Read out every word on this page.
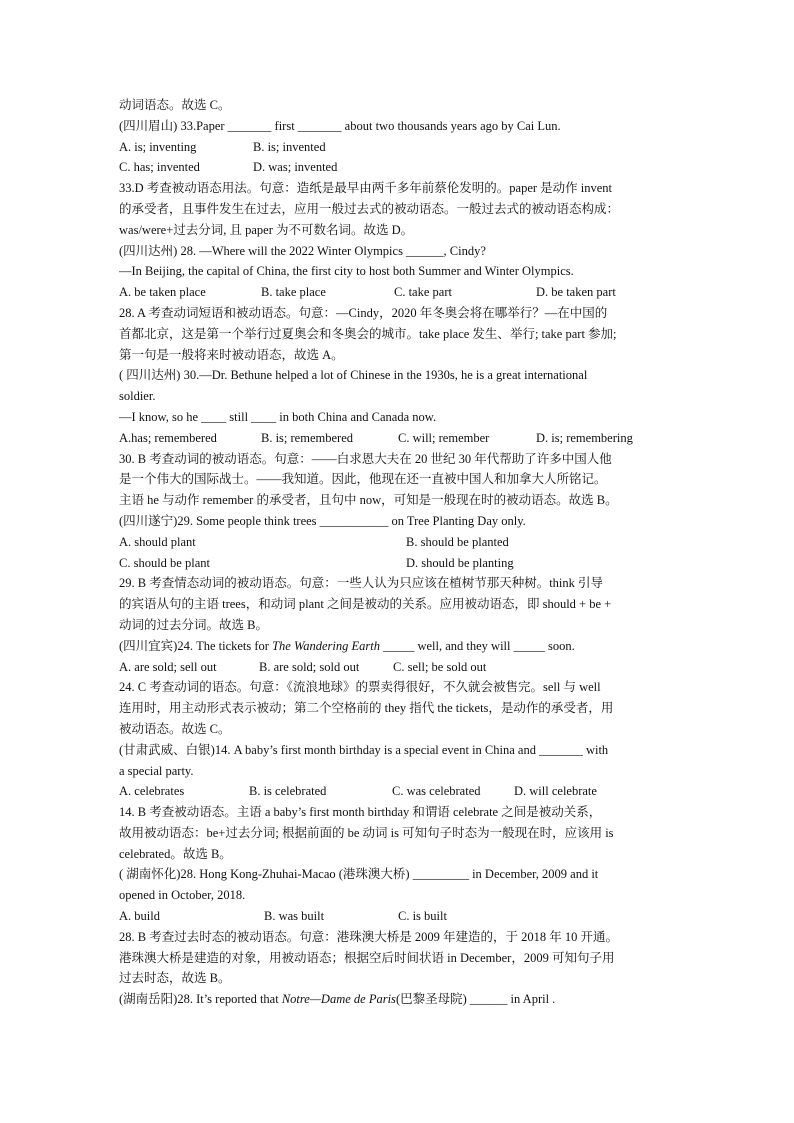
动词语态。故选 C。
(四川眉山) 33.Paper _______ first _______ about two thousands years ago by Cai Lun.
A. is; inventing	B. is; invented
C. has; invented	D. was; invented
33.D 考查被动语态用法。句意：造纸是最早由两千多年前蔡伦发明的。paper 是动作 invent
的承受者，且事件发生在过去，应用一般过去式的被动语态。一般过去式的被动语态构成：
was/were+过去分词, 且 paper 为不可数名词。故选 D。
(四川达州) 28. —Where will the 2022 Winter Olympics ______, Cindy?
—In Beijing, the capital of China, the first city to host both Summer and Winter Olympics.
A. be taken place	B. take place	C. take part	D. be taken part
28. A 考查动词短语和被动语态。句意：—Cindy，2020 年冬奥会将在哪举行？—在中国的
首都北京，这是第一个举行过夏奥会和冬奥会的城市。take place 发生、举行; take part 参加;
第一句是一般将来时被动语态，故选 A。
( 四川达州) 30.—Dr. Bethune helped a lot of Chinese in the 1930s, he is a great international
soldier.
—I know, so he ____ still ____ in both China and Canada now.
A.has; remembered	B. is; remembered	C. will; remember	D. is; remembering
30. B 考查动词的被动语态。句意：——白求恩大夫在 20 世纪 30 年代帮助了许多中国人他
是一个伟大的国际战士。——我知道。因此，他现在还一直被中国人和加拿大人所铭记。
主语 he 与动作 remember 的承受者，且句中 now，可知是一般现在时的被动语态。故选 B。
(四川遂宁)29. Some people think trees ___________ on Tree Planting Day only.
A. should plant	B. should be planted
C. should be plant	D. should be planting
29. B 考查情态动词的被动语态。句意：一些人认为只应该在植树节那天种树。think 引导
的宾语从句的主语 trees，和动词 plant 之间是被动的关系。应用被动语态，即 should + be +
动词的过去分词。故选 B。
(四川宜宾)24. The tickets for The Wandering Earth _____ well, and they will _____ soon.
A. are sold; sell out	B. are sold; sold out	C. sell; be sold out
24. C 考查动词的语态。句意：《流浪地球》的票卖得很好，不久就会被售完。sell 与 well
连用时，用主动形式表示被动；第二个空格前的 they 指代 the tickets，是动作的承受者，用
被动语态。故选 C。
(甘肃武威、白银)14. A baby’s first month birthday is a special event in China and _______ with
a special party.
A. celebrates	B. is celebrated	C. was celebrated	D. will celebrate
14. B 考查被动语态。主语 a baby’s first month birthday 和谓语 celebrate 之间是被动关系，
故用被动语态：be+过去分词; 根据前面的 be 动词 is 可知句子时态为一般现在时，应该用 is
celebrated。故选 B。
( 湖南怀化)28. Hong Kong-Zhuhai-Macao (港珠澳大桥) _________ in December, 2009 and it
opened in October, 2018.
A. build	B. was built	C. is built
28. B 考查过去时态的被动语态。句意：港珠澳大桥是 2009 年建造的，于 2018 年 10 开通。
港珠澳大桥是建造的对象，用被动语态；根据空后时间状语 in December，2009 可知句子用
过去时态，故选 B。
(湖南岳阳)28. It’s reported that Notre—Dame de Paris(巴黎圣母院) ______ in April .
